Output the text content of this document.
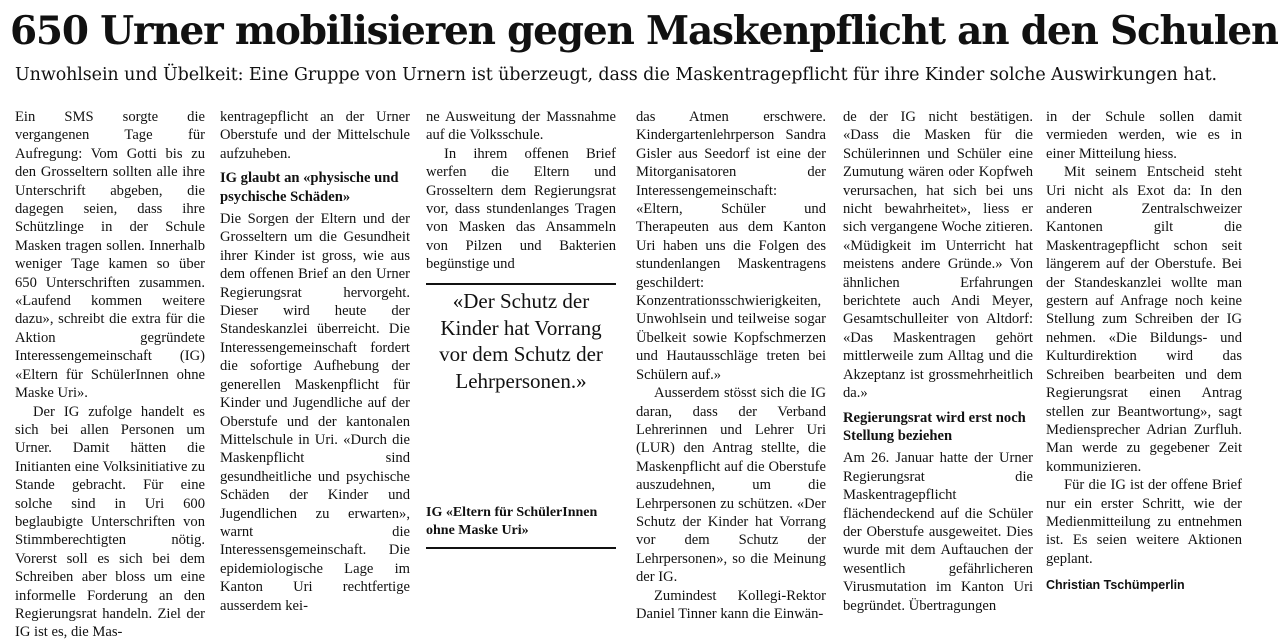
650 Urner mobilisieren gegen Maskenpflicht an den Schulen

Unwohlsein und Übelkeit: Eine Gruppe von Urnern ist überzeugt, dass die Maskentragepflicht für ihre Kinder solche Auswirkungen hat.

Ein SMS sorgte die vergangenen Tage für Aufregung: Vom Gotti bis zu den Grosseltern sollten alle ihre Unterschrift abgeben, die dagegen seien, dass ihre Schützlinge in der Schule Masken tragen sollen. Innerhalb weniger Tage kamen so über 650 Unterschriften zusammen. «Laufend kommen weitere dazu», schreibt die extra für die Aktion gegründete Interessengemeinschaft (IG) «Eltern für SchülerInnen ohne Maske Uri».

Der IG zufolge handelt es sich bei allen Personen um Urner. Damit hätten die Initianten eine Volksinitiative zu Stande gebracht. Für eine solche sind in Uri 600 beglaubigte Unterschriften von Stimmberechtigten nötig. Vorerst soll es sich bei dem Schreiben aber bloss um eine informelle Forderung an den Regierungsrat handeln. Ziel der IG ist es, die Mas-

kentragepflicht an der Urner Oberstufe und der Mittelschule aufzuheben.

IG glaubt an «physische und psychische Schäden»

Die Sorgen der Eltern und der Grosseltern um die Gesundheit ihrer Kinder ist gross, wie aus dem offenen Brief an den Urner Regierungsrat hervorgeht. Dieser wird heute der Standeskanzlei überreicht. Die Interessengemeinschaft fordert die sofortige Aufhebung der generellen Maskenpflicht für Kinder und Jugendliche auf der Oberstufe und der kantonalen Mittelschule in Uri. «Durch die Maskenpflicht sind gesundheitliche und psychische Schäden der Kinder und Jugendlichen zu erwarten», warnt die Interessensgemeinschaft. Die epidemiologische Lage im Kanton Uri rechtfertige ausserdem kei-

ne Ausweitung der Massnahme auf die Volksschule.

In ihrem offenen Brief werfen die Eltern und Grosseltern dem Regierungsrat vor, dass stundenlanges Tragen von Masken das Ansammeln von Pilzen und Bakterien begünstige und

«Der Schutz der Kinder hat Vorrang vor dem Schutz der Lehrpersonen.»

IG «Eltern für SchülerInnen ohne Maske Uri»

das Atmen erschwere. Kindergartenlehrperson Sandra Gisler aus Seedorf ist eine der Mitorganisatoren der Interessengemeinschaft: «Eltern, Schüler und Therapeuten aus dem Kanton Uri haben uns die Folgen des stundenlangen Maskentragens geschildert: Konzentrationsschwierigkeiten, Unwohlsein und teilweise sogar Übelkeit sowie Kopfschmerzen und Hautausschläge treten bei Schülern auf.»

Ausserdem stösst sich die IG daran, dass der Verband Lehrerinnen und Lehrer Uri (LUR) den Antrag stellte, die Maskenpflicht auf die Oberstufe auszudehnen, um die Lehrpersonen zu schützen. «Der Schutz der Kinder hat Vorrang vor dem Schutz der Lehrpersonen», so die Meinung der IG.

Zumindest Kollegi-Rektor Daniel Tinner kann die Einwän-

de der IG nicht bestätigen. «Dass die Masken für die Schülerinnen und Schüler eine Zumutung wären oder Kopfweh verursachen, hat sich bei uns nicht bewahrheitet», liess er sich vergangene Woche zitieren. «Müdigkeit im Unterricht hat meistens andere Gründe.» Von ähnlichen Erfahrungen berichtete auch Andi Meyer, Gesamtschulleiter von Altdorf: «Das Maskentragen gehört mittlerweile zum Alltag und die Akzeptanz ist grossmehrheitlich da.»

Regierungsrat wird erst noch Stellung beziehen

Am 26. Januar hatte der Urner Regierungsrat die Maskentragepflicht flächendeckend auf die Schüler der Oberstufe ausgeweitet. Dies wurde mit dem Auftauchen der wesentlich gefährlicheren Virusmutation im Kanton Uri begründet. Übertragungen

in der Schule sollen damit vermieden werden, wie es in einer Mitteilung hiess.

Mit seinem Entscheid steht Uri nicht als Exot da: In den anderen Zentralschweizer Kantonen gilt die Maskentragepflicht schon seit längerem auf der Oberstufe. Bei der Standeskanzlei wollte man gestern auf Anfrage noch keine Stellung zum Schreiben der IG nehmen. «Die Bildungs- und Kulturdirektion wird das Schreiben bearbeiten und dem Regierungsrat einen Antrag stellen zur Beantwortung», sagt Mediensprecher Adrian Zurfluh. Man werde zu gegebener Zeit kommunizieren.

Für die IG ist der offene Brief nur ein erster Schritt, wie der Medienmitteilung zu entnehmen ist. Es seien weitere Aktionen geplant.

Christian Tschümperlin
